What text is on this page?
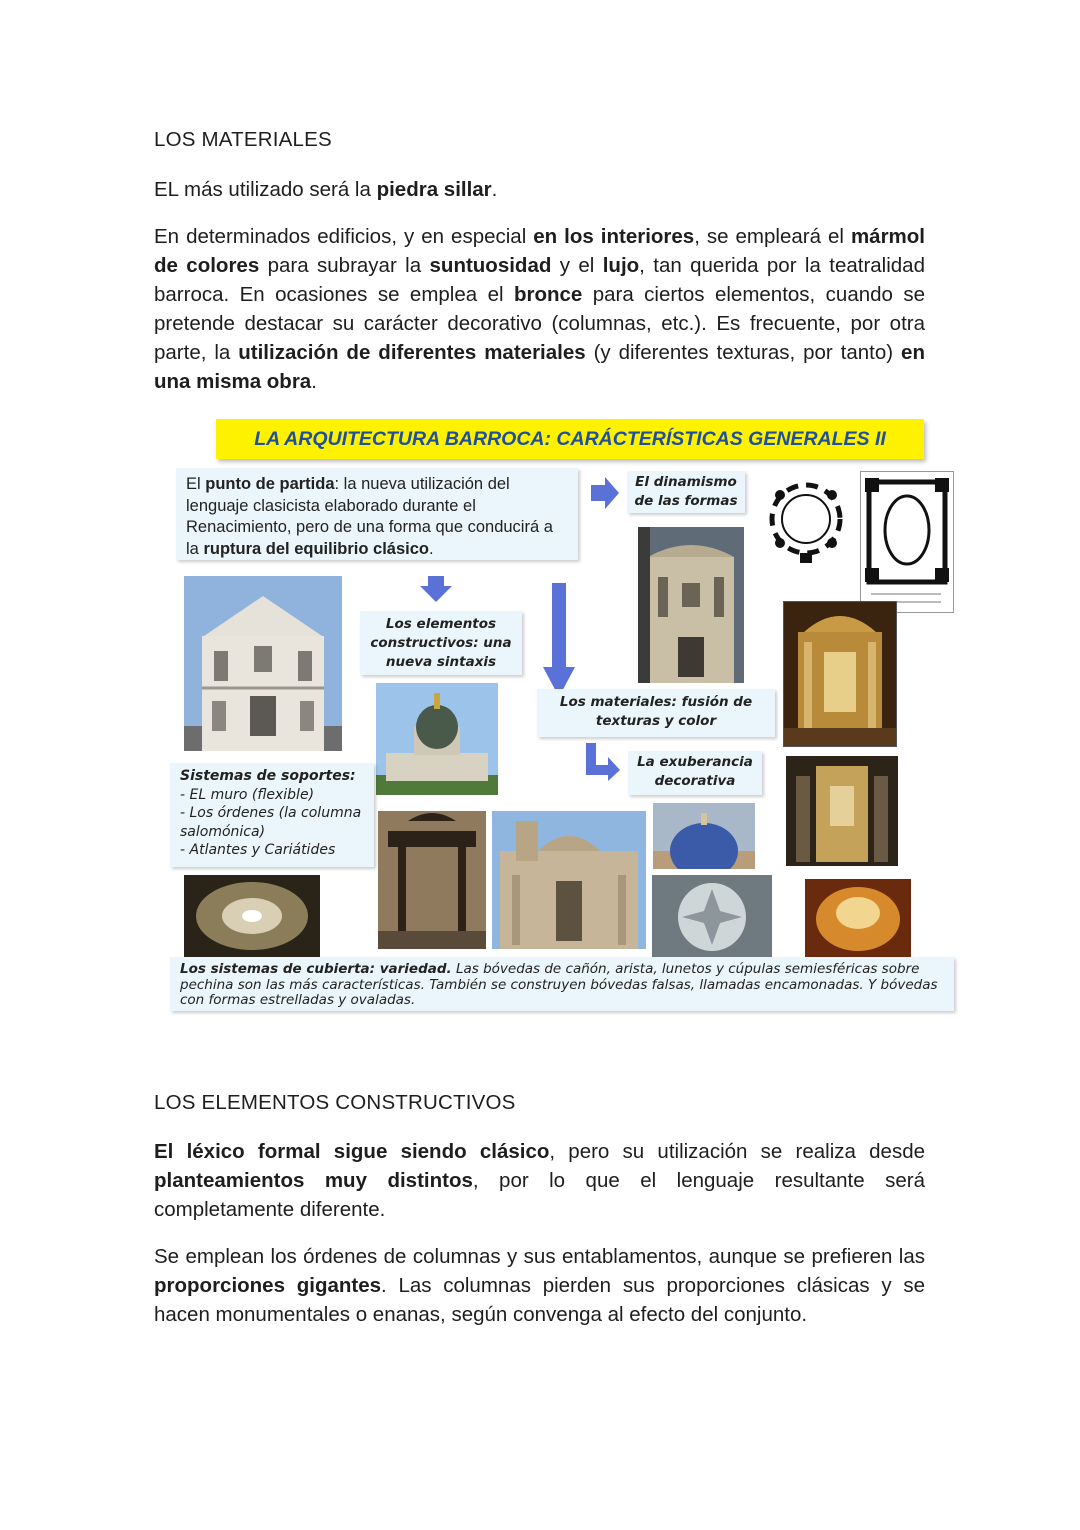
LOS MATERIALES

EL más utilizado será la piedra sillar.

En determinados edificios, y en especial en los interiores, se empleará el mármol de colores para subrayar la suntuosidad y el lujo, tan querida por la teatralidad barroca. En ocasiones se emplea el bronce para ciertos elementos, cuando se pretende destacar su carácter decorativo (columnas, etc.). Es frecuente, por otra parte, la utilización de diferentes materiales (y diferentes texturas, por tanto) en una misma obra.

LA ARQUITECTURA BARROCA: CARÁCTERÍSTICAS GENERALES II
El punto de partida: la nueva utilización del lenguaje clasicista elaborado durante el Renacimiento, pero de una forma que conducirá a la ruptura del equilibrio clásico.
El dinamismo de las formas
Los elementos constructivos: una nueva sintaxis
Los materiales: fusión de texturas y color
La exuberancia decorativa
Sistemas de soportes:
- EL muro (flexible)
- Los órdenes (la columna salomónica)
- Atlantes y Cariátides
Los sistemas de cubierta: variedad. Las bóvedas de cañón, arista, lunetos y cúpulas semiesféricas sobre pechina son las más características. También se construyen bóvedas falsas, llamadas encamonadas. Y bóvedas con formas estrelladas y ovaladas.
LOS ELEMENTOS CONSTRUCTIVOS

El léxico formal sigue siendo clásico, pero su utilización se realiza desde planteamientos muy distintos, por lo que el lenguaje resultante será completamente diferente.

Se emplean los órdenes de columnas y sus entablamentos, aunque se prefieren las proporciones gigantes. Las columnas pierden sus proporciones clásicas y se hacen monumentales o enanas, según convenga al efecto del conjunto.
